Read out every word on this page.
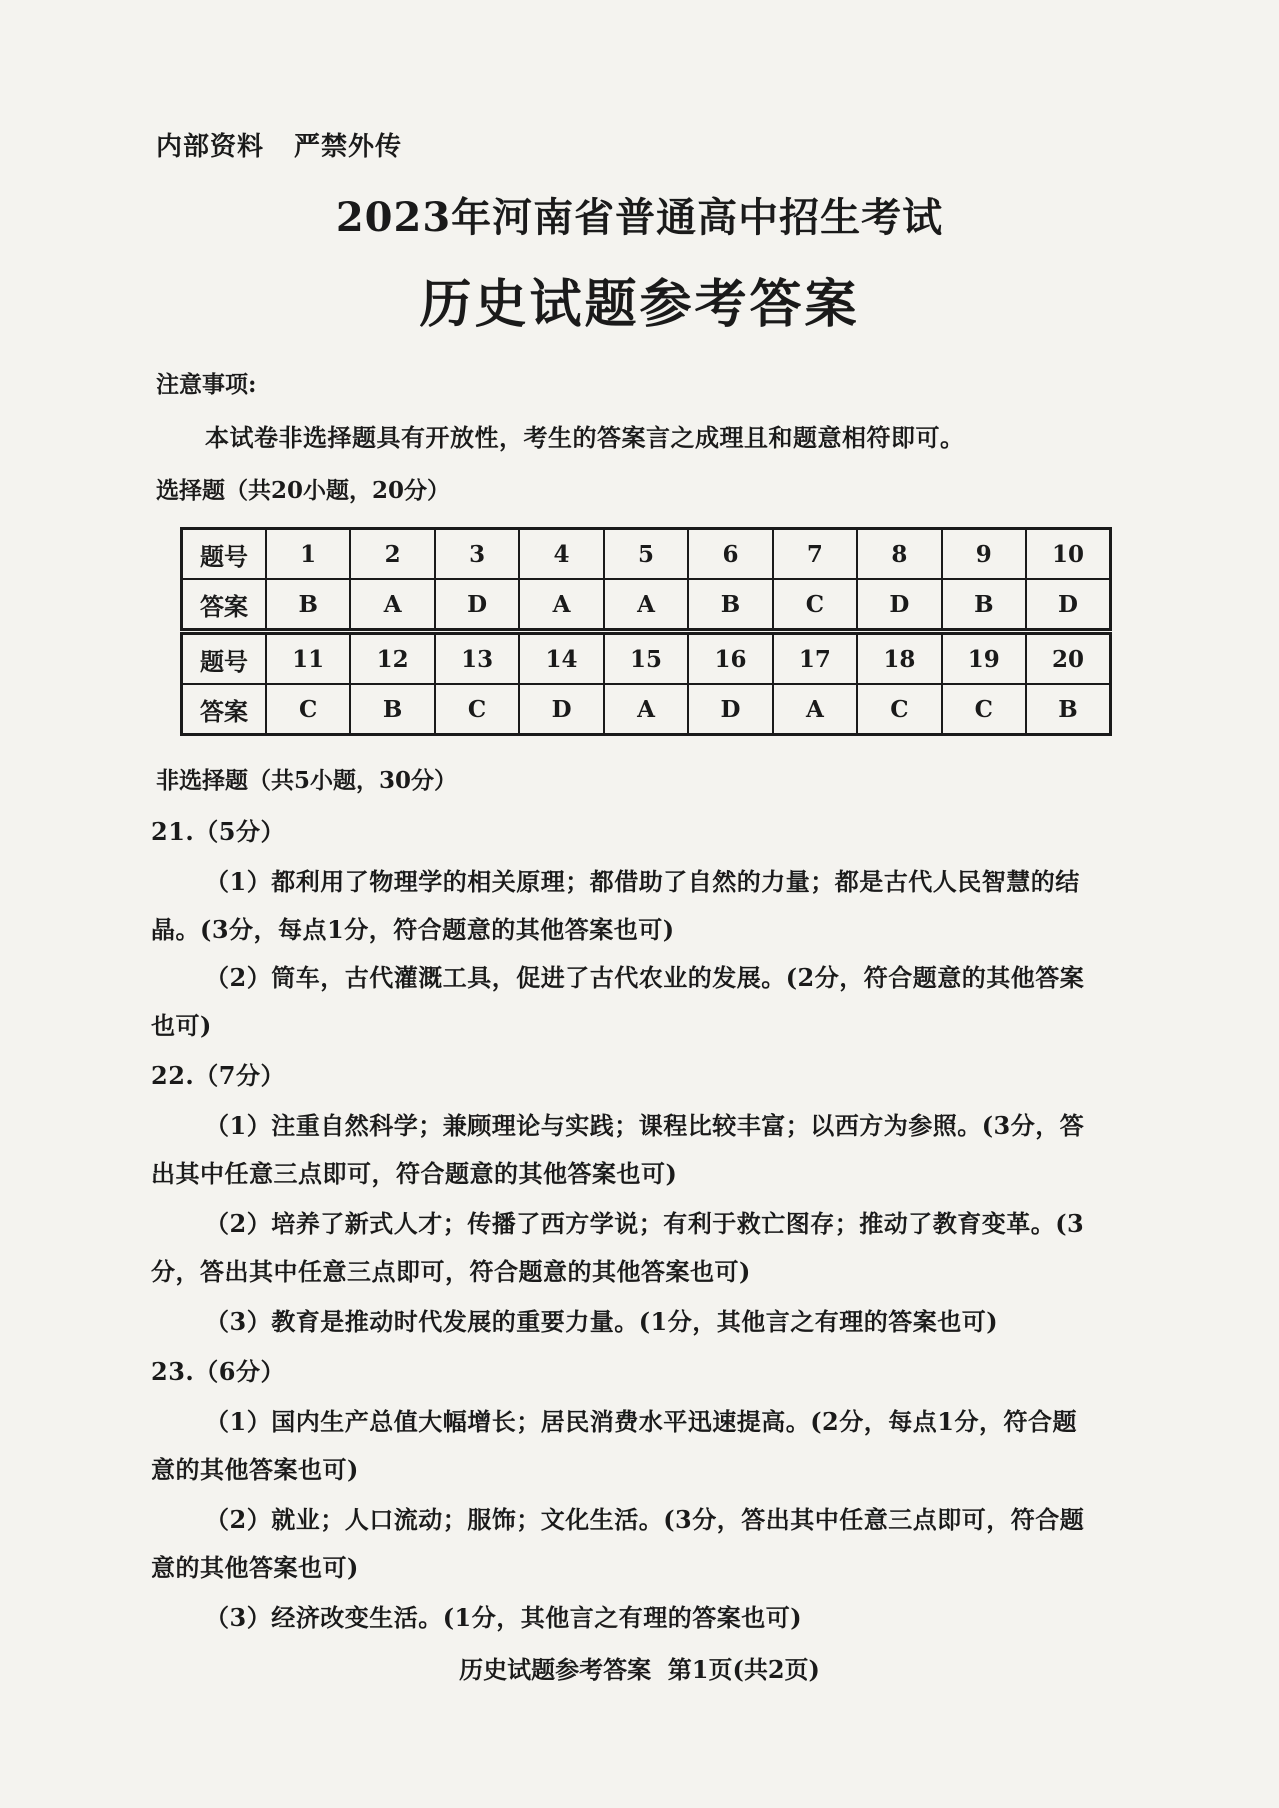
内部资料 严禁外传
2023年河南省普通高中招生考试
历史试题参考答案
注意事项:
本试卷非选择题具有开放性，考生的答案言之成理且和题意相符即可。
选择题（共20小题，20分）
题号	1	2	3	4	5	6	7	8	9	10
答案	B	A	D	A	A	B	C	D	B	D
题号	11	12	13	14	15	16	17	18	19	20
答案	C	B	C	D	A	D	A	C	C	B
非选择题（共5小题，30分）
21.（5分）
（1）都利用了物理学的相关原理；都借助了自然的力量；都是古代人民智慧的结
晶。(3分，每点1分，符合题意的其他答案也可)
（2）筒车，古代灌溉工具，促进了古代农业的发展。(2分，符合题意的其他答案
也可)
22.（7分）
（1）注重自然科学；兼顾理论与实践；课程比较丰富；以西方为参照。(3分，答
出其中任意三点即可，符合题意的其他答案也可)
（2）培养了新式人才；传播了西方学说；有利于救亡图存；推动了教育变革。(3
分，答出其中任意三点即可，符合题意的其他答案也可)
（3）教育是推动时代发展的重要力量。(1分，其他言之有理的答案也可)
23.（6分）
（1）国内生产总值大幅增长；居民消费水平迅速提高。(2分，每点1分，符合题
意的其他答案也可)
（2）就业；人口流动；服饰；文化生活。(3分，答出其中任意三点即可，符合题
意的其他答案也可)
（3）经济改变生活。(1分，其他言之有理的答案也可)
历史试题参考答案 第1页(共2页)
